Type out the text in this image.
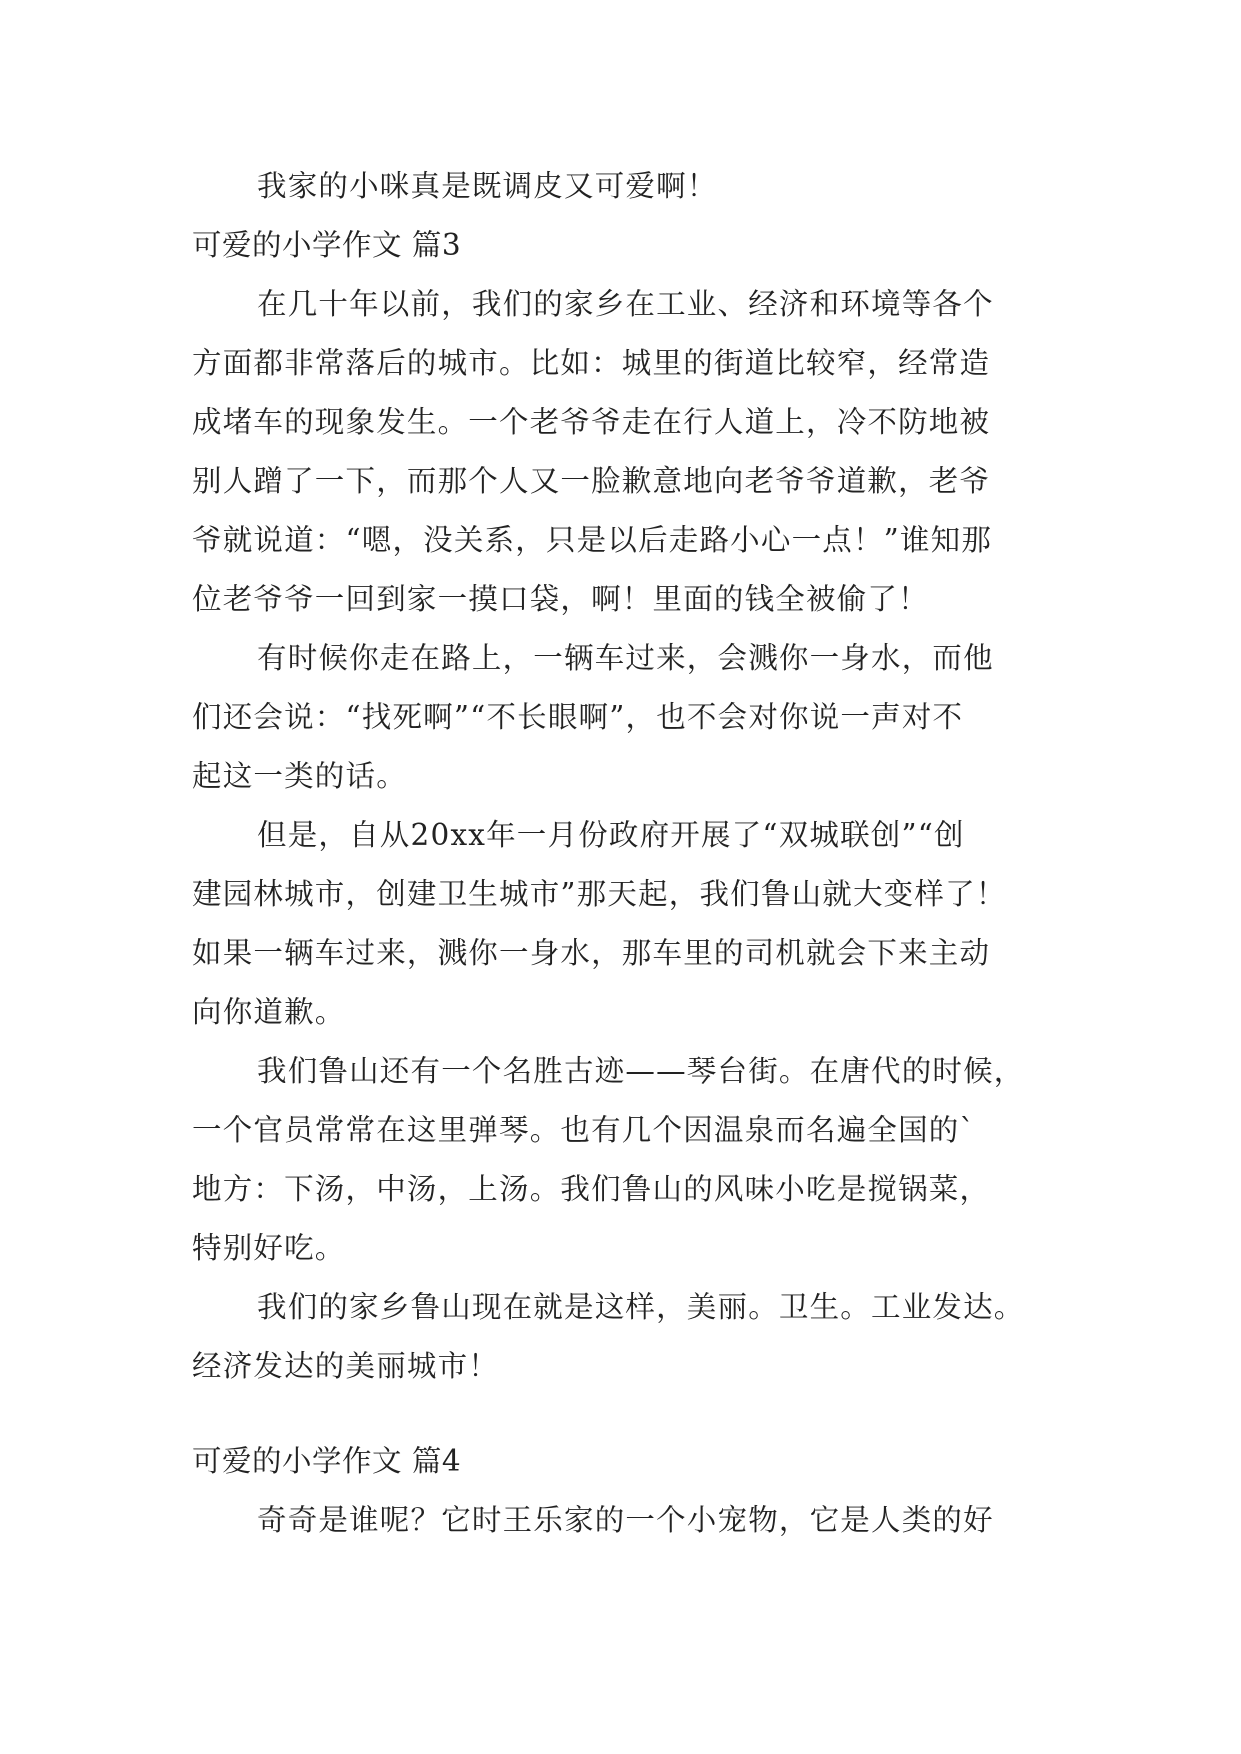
我家的小咪真是既调皮又可爱啊！
可爱的小学作文 篇3
在几十年以前，我们的家乡在工业、经济和环境等各个
方面都非常落后的城市。比如：城里的街道比较窄，经常造
成堵车的现象发生。一个老爷爷走在行人道上，冷不防地被
别人蹭了一下，而那个人又一脸歉意地向老爷爷道歉，老爷
爷就说道：“嗯，没关系，只是以后走路小心一点！”谁知那
位老爷爷一回到家一摸口袋，啊！里面的钱全被偷了！
有时候你走在路上，一辆车过来，会溅你一身水，而他
们还会说：“找死啊”“不长眼啊”，也不会对你说一声对不
起这一类的话。
但是，自从20xx年一月份政府开展了“双城联创”“创
建园林城市，创建卫生城市”那天起，我们鲁山就大变样了！
如果一辆车过来，溅你一身水，那车里的司机就会下来主动
向你道歉。
我们鲁山还有一个名胜古迹——琴台街。在唐代的时候，
一个官员常常在这里弹琴。也有几个因温泉而名遍全国的`
地方：下汤，中汤，上汤。我们鲁山的风味小吃是搅锅菜，
特别好吃。
我们的家乡鲁山现在就是这样，美丽。卫生。工业发达。
经济发达的美丽城市！
可爱的小学作文 篇4
奇奇是谁呢？它时王乐家的一个小宠物，它是人类的好
